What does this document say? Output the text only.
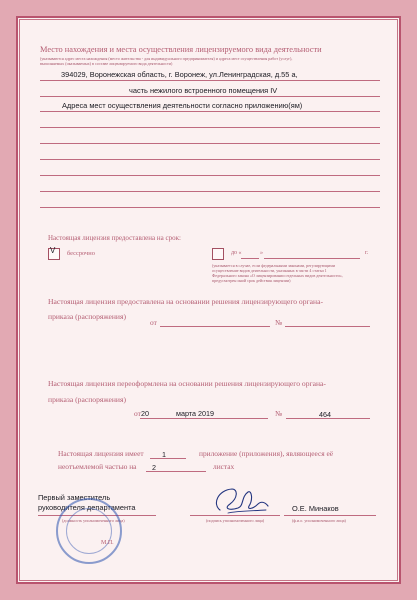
Место нахождения и места осуществления лицензируемого вида деятельности
(указываются адрес места нахождения (место жительства - для индивидуального предпринимателя) и адреса мест осуществления работ (услуг),
выполняемых (оказываемых) в составе лицензируемого вида деятельности)
394029, Воронежская область, г. Воронеж, ул.Ленинградская, д.55 а,
часть нежилого встроенного помещения IV
Адреса мест осуществления деятельности согласно приложению(ям)
Настоящая лицензия предоставлена на срок:
V бессрочно	до «	»	г.
(указывается в случае, если федеральными законами, регулирующими
осуществление видов деятельности, указанных в части 4 статьи 1
Федерального закона «О лицензировании отдельных видов деятельности»,
предусмотрен иной срок действия лицензии)
Настоящая лицензия предоставлена на основании решения лицензирующего органа-
приказа (распоряжения)
от	№
Настоящая лицензия переоформлена на основании решения лицензирующего органа-
приказа (распоряжения)
от 20	марта 2019	№	464
Настоящая лицензия имеет	1	приложение (приложения), являющееся её
неотъемлемой частью на 2	листах
Первый заместитель
руководителя департамента
(должность уполномоченного лица)	(подпись уполномоченного лица)
О.Е. Минаков
(ф.и.о. уполномоченного лица)
М.П.
